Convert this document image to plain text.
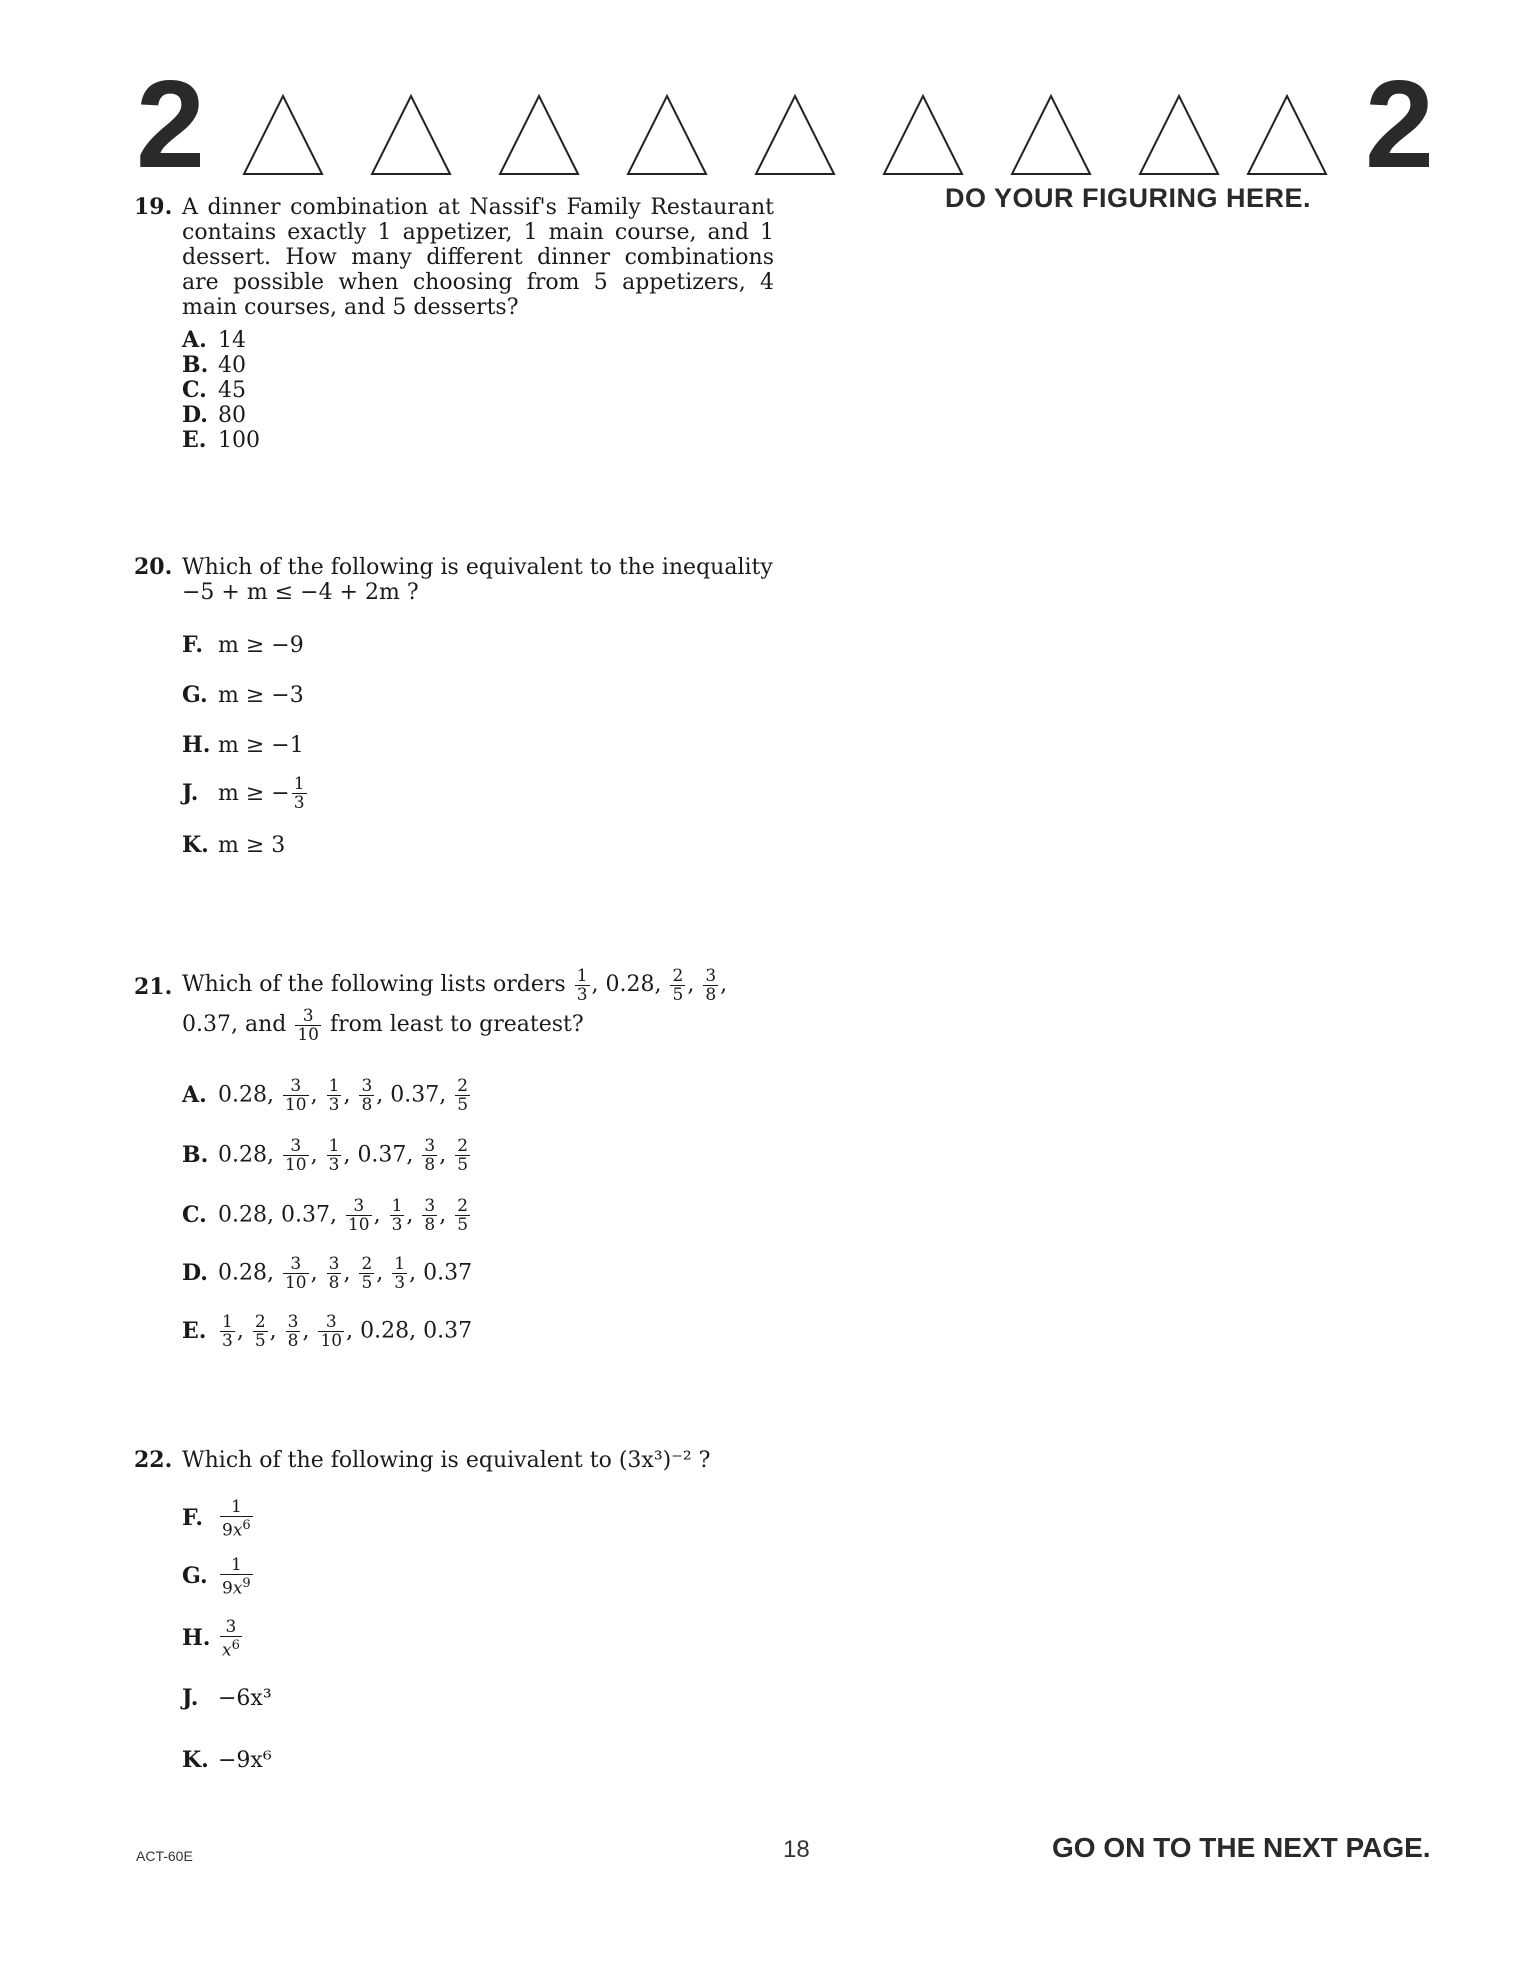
2	2
DO YOUR FIGURING HERE.
19. A dinner combination at Nassif's Family Restaurant contains exactly 1 appetizer, 1 main course, and 1 dessert. How many different dinner combinations are possible when choosing from 5 appetizers, 4 main courses, and 5 desserts?
A. 14
B. 40
C. 45
D. 80
E. 100
20. Which of the following is equivalent to the inequality
−5 + m ≤ −4 + 2m ?
F. m ≥ −9
G. m ≥ −3
H. m ≥ −1
J. m ≥ − $\frac{1}{3}$
K. m ≥ 3
21. Which of the following lists orders $\frac{1}{3}$ , 0.28, $\frac{2}{5}$ , $\frac{3}{8}$ ,
0.37, and $\frac{3}{10}$ from least to greatest?
A. 0.28, $\frac{3}{10}$ , $\frac{1}{3}$ , $\frac{3}{8}$ , 0.37, $\frac{2}{5}$
B. 0.28, $\frac{3}{10}$ , $\frac{1}{3}$ , 0.37, $\frac{3}{8}$ , $\frac{2}{5}$
C. 0.28, 0.37, $\frac{3}{10}$ , $\frac{1}{3}$ , $\frac{3}{8}$ , $\frac{2}{5}$
D. 0.28, $\frac{3}{10}$ , $\frac{3}{8}$ , $\frac{2}{5}$ , $\frac{1}{3}$ , 0.37
E. $\frac{1}{3}$ , $\frac{2}{5}$ , $\frac{3}{8}$ , $\frac{3}{10}$ , 0.28, 0.37
22. Which of the following is equivalent to (3x³)⁻² ?
F. $\frac{1}{9x^6}$
G. $\frac{1}{9x^9}$
H. $\frac{3}{x^6}$
J. −6x³
K. −9x⁶
ACT-60E	18	GO ON TO THE NEXT PAGE.
